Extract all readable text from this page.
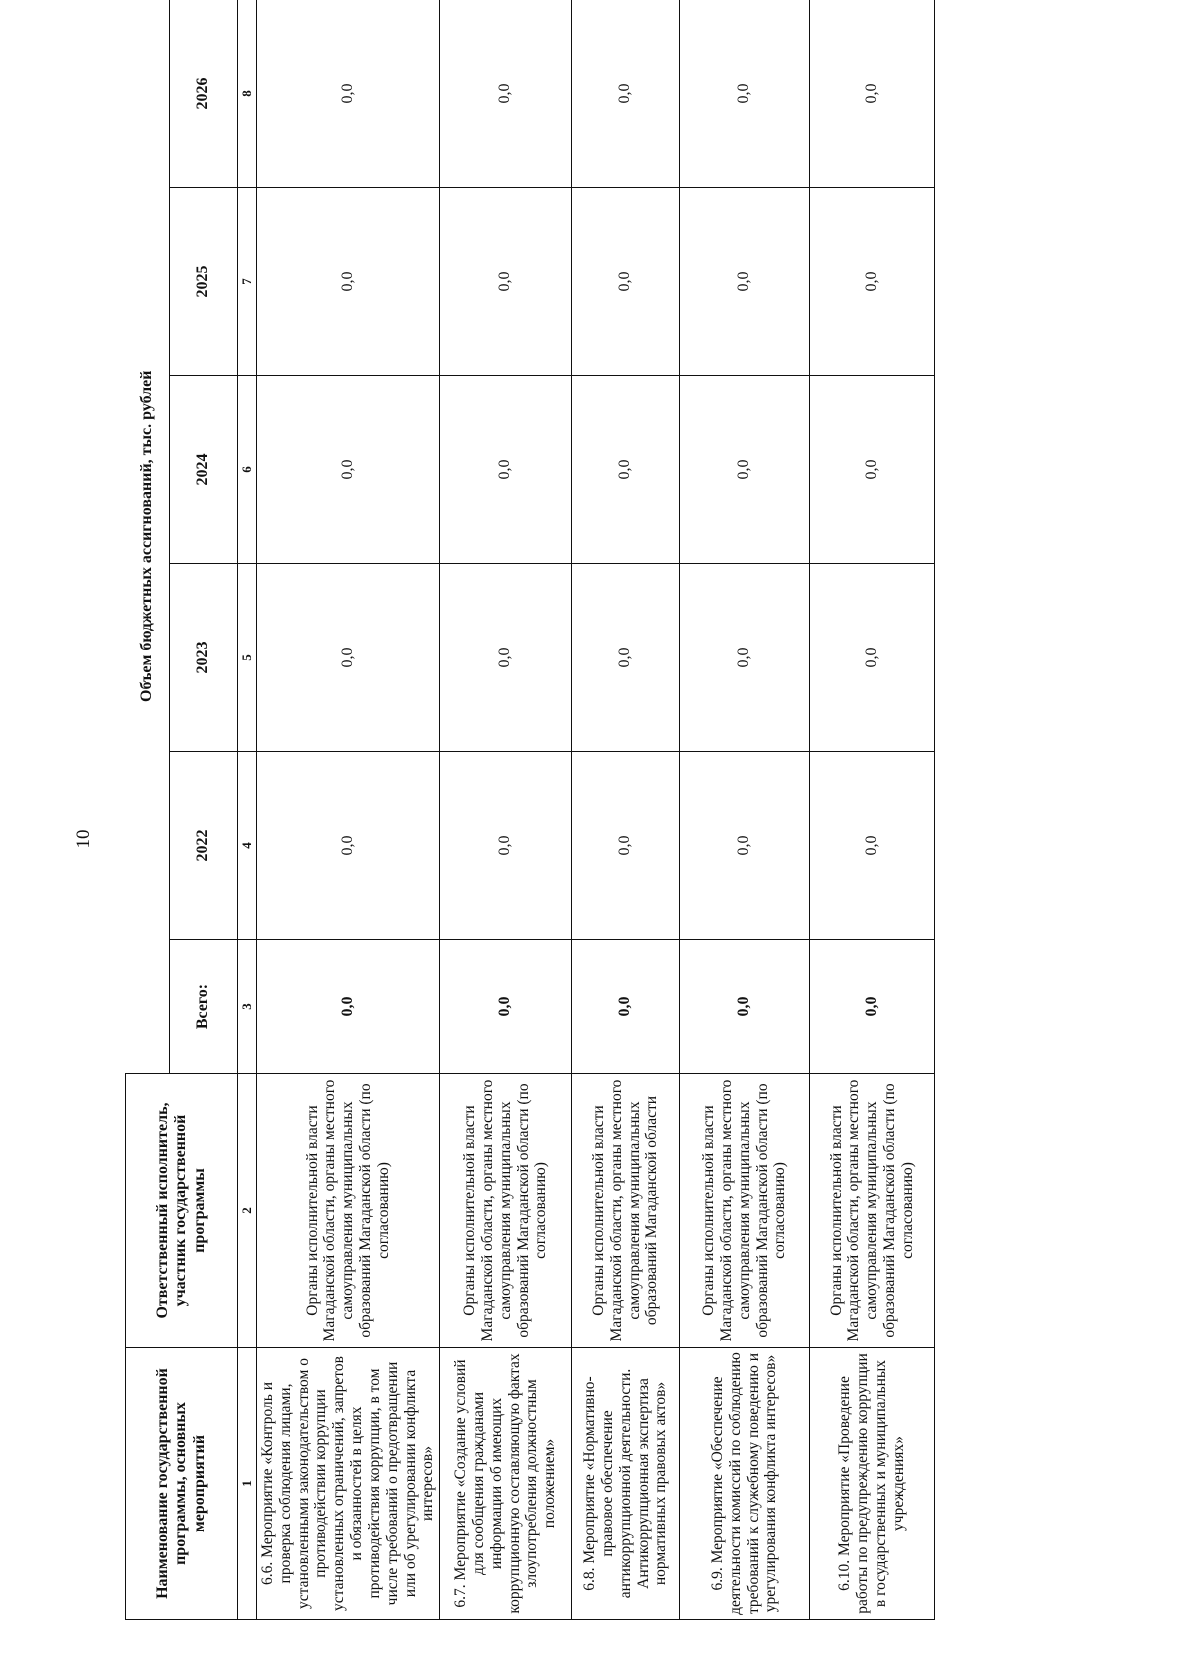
10
Наименование государственной программы, основных мероприятий	Ответственный исполнитель, участник государственной программы	Объем бюджетных ассигнований, тыс. рублей					
		Всего:	2022	2023	2024	2025	2026
1	2	3	4	5	6	7	8
6.6. Мероприятие «Контроль и проверка соблюдения лицами, установленными законодательством о противодействии коррупции установленных ограничений, запретов и обязанностей в целях противодействия коррупции, в том числе требований о предотвращении или об урегулировании конфликта интересов»	Органы исполнительной власти Магаданской области, органы местного самоуправления муниципальных образований Магаданской области (по согласованию)	0,0	0,0	0,0	0,0	0,0	0,0
6.7. Мероприятие «Создание условий для сообщения гражданами информации об имеющих коррупционную составляющую фактах злоупотребления должностным положением»	Органы исполнительной власти Магаданской области, органы местного самоуправления муниципальных образований Магаданской области (по согласованию)	0,0	0,0	0,0	0,0	0,0	0,0
6.8. Мероприятие «Нормативно-правовое обеспечение антикоррупционной деятельности. Антикоррупционная экспертиза нормативных правовых актов»	Органы исполнительной власти Магаданской области, органы местного самоуправления муниципальных образований Магаданской области	0,0	0,0	0,0	0,0	0,0	0,0
6.9. Мероприятие «Обеспечение деятельности комиссий по соблюдению требований к служебному поведению и урегулирования конфликта интересов»	Органы исполнительной власти Магаданской области, органы местного самоуправления муниципальных образований Магаданской области (по согласованию)	0,0	0,0	0,0	0,0	0,0	0,0
6.10. Мероприятие «Проведение работы по предупреждению коррупции в государственных и муниципальных учреждениях»	Органы исполнительной власти Магаданской области, органы местного самоуправления муниципальных образований Магаданской области (по согласованию)	0,0	0,0	0,0	0,0	0,0	0,0
